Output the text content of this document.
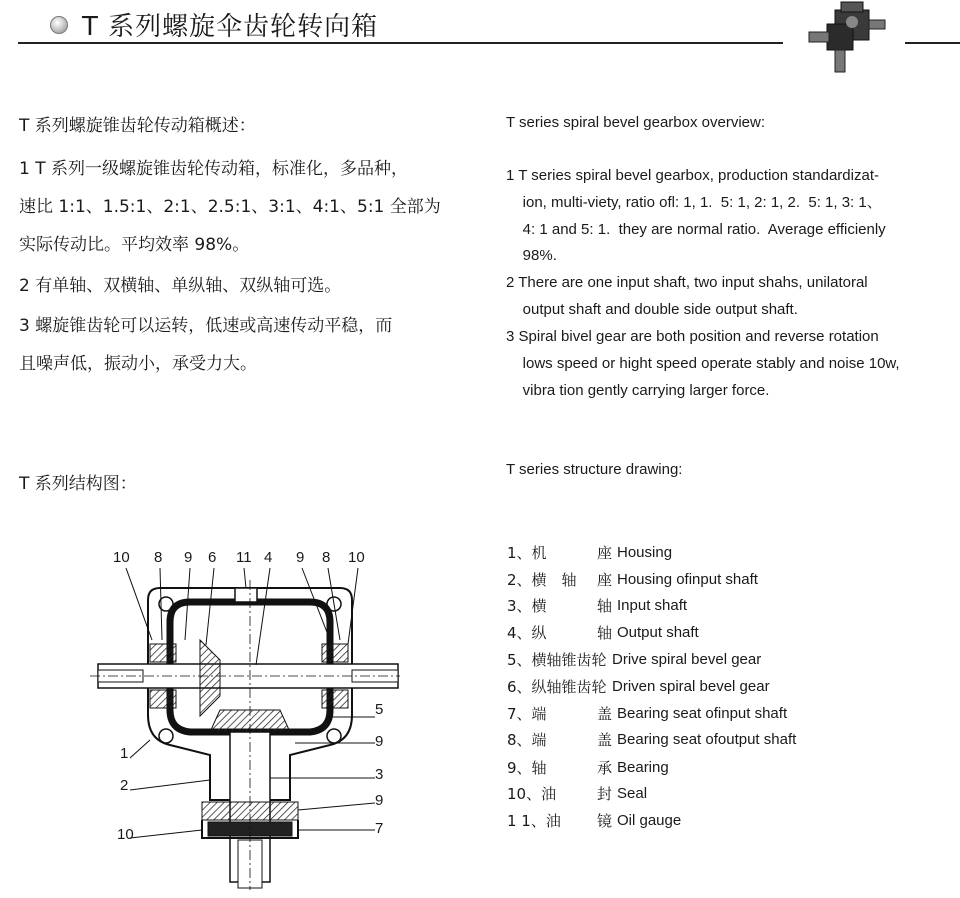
T 系列螺旋伞齿轮转向箱
T 系列螺旋锥齿轮传动箱概述：
1 T 系列一级螺旋锥齿轮传动箱，标准化，多品种，
速比 1:1、1.5:1、2:1、2.5:1、3:1、4:1、5:1 全部为
实际传动比。平均效率 98%。
2 有单轴、双横轴、单纵轴、双纵轴可选。
3 螺旋锥齿轮可以运转，低速或高速传动平稳，而
且噪声低，振动小，承受力大。
T series spiral bevel gearbox overview:
1 T series spiral bevel gearbox, production standardizat-
ion, multi-viety, ratio ofl: 1, 1.  5: 1, 2: 1, 2.  5: 1, 3: 1、
4: 1 and 5: 1.  they are normal ratio.  Average efficienly
98%.
2 There are one input shaft, two input shahs, unilatoral
output shaft and double side output shaft.
3 Spiral bivel gear are both position and reverse rotation
lows speed or hight speed operate stably and noise 10w,
vibra tion gently carrying larger force.
T 系列结构图：
T series structure drawing:
1、机	座 Housing
2、横　轴	座 Housing ofinput shaft
3、横	轴 Input shaft
4、纵	轴 Output shaft
5、横轴锥齿轮 Drive spiral bevel gear
6、纵轴锥齿轮 Driven spiral bevel gear
7、端	盖 Bearing seat ofinput shaft
8、端	盖 Bearing seat ofoutput shaft
9、轴	承 Bearing
10、油	封 Seal
1 1、油	镜 Oil gauge
10 8 9 6 11 4 9 8 10
5
9
3
9
7
1
2
10
